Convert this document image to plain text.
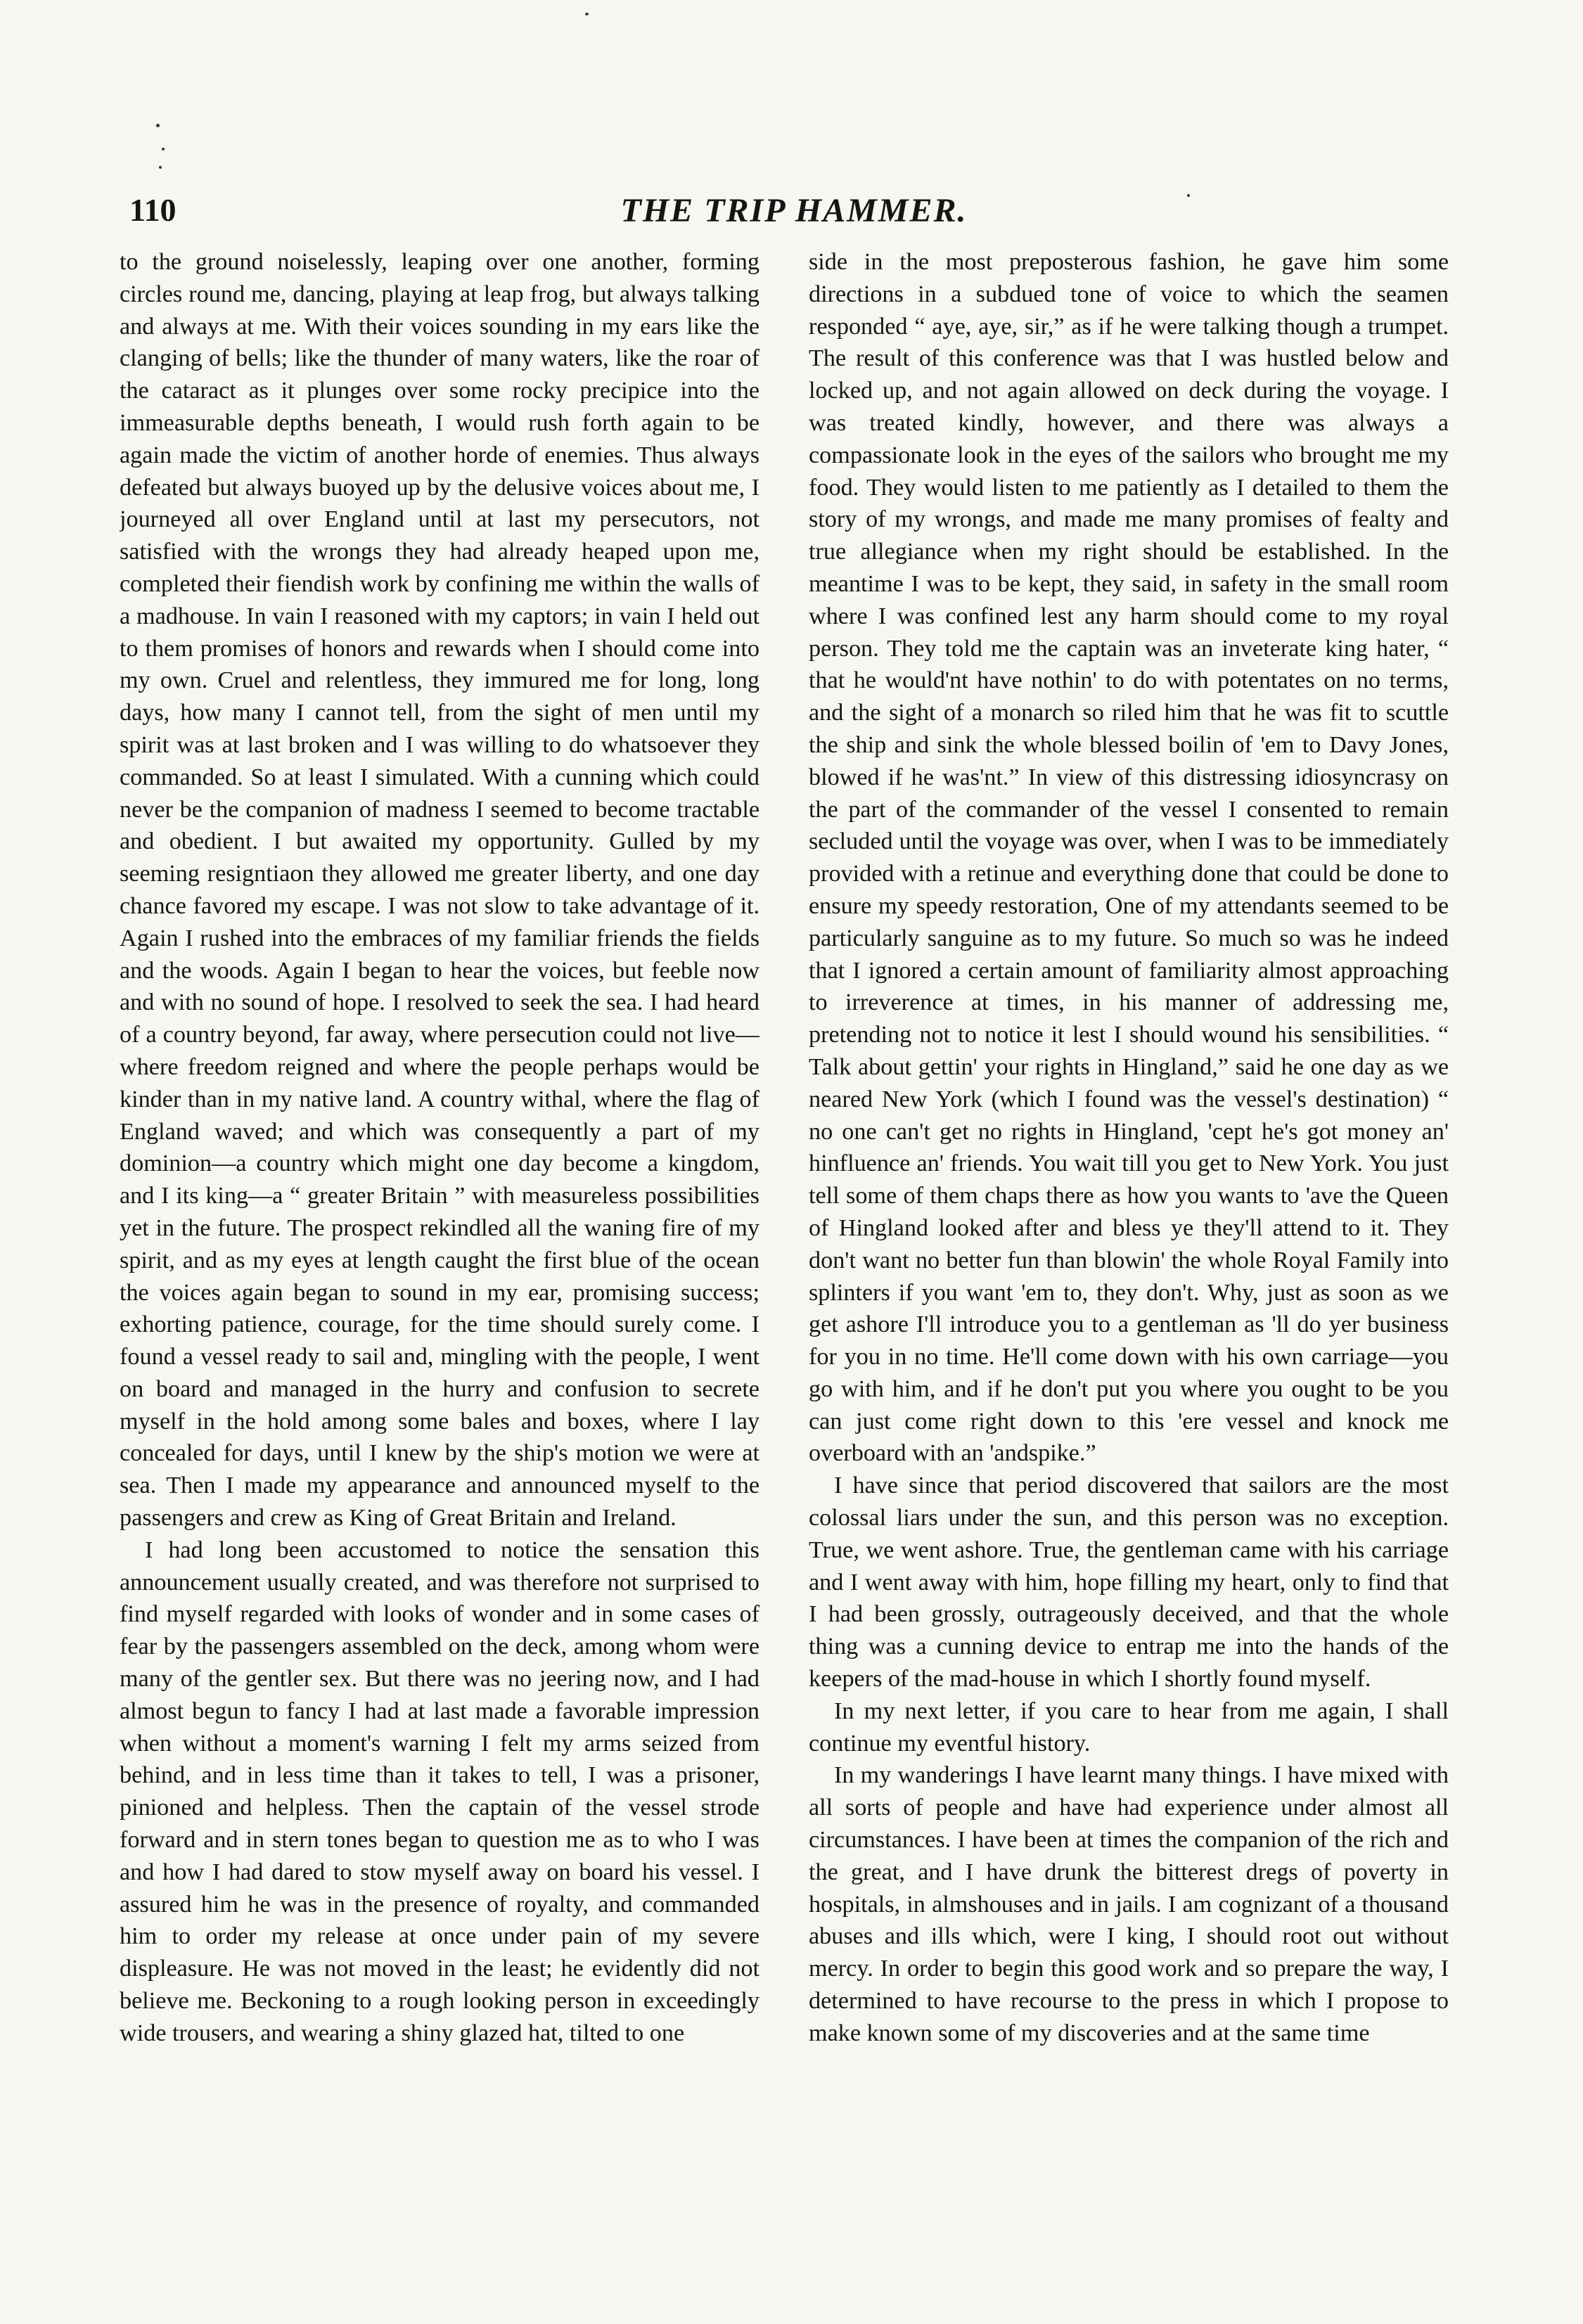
110	THE TRIP HAMMER.

to the ground noiselessly, leaping over one another, forming circles round me, dancing, playing at leap frog, but always talking and always at me. With their voices sounding in my ears like the clanging of bells; like the thunder of many waters, like the roar of the cataract as it plunges over some rocky precipice into the immeasurable depths beneath, I would rush forth again to be again made the victim of another horde of enemies. Thus always defeated but always buoyed up by the delusive voices about me, I journeyed all over England until at last my persecutors, not satisfied with the wrongs they had already heaped upon me, completed their fiendish work by confining me within the walls of a madhouse. In vain I reasoned with my captors; in vain I held out to them promises of honors and rewards when I should come into my own. Cruel and relentless, they immured me for long, long days, how many I cannot tell, from the sight of men until my spirit was at last broken and I was willing to do whatsoever they commanded. So at least I simulated. With a cunning which could never be the companion of madness I seemed to become tractable and obedient. I but awaited my opportunity. Gulled by my seeming resigntiaon they allowed me greater liberty, and one day chance favored my escape. I was not slow to take advantage of it. Again I rushed into the embraces of my familiar friends the fields and the woods. Again I began to hear the voices, but feeble now and with no sound of hope. I resolved to seek the sea. I had heard of a country beyond, far away, where persecution could not live—where freedom reigned and where the people perhaps would be kinder than in my native land. A country withal, where the flag of England waved; and which was consequently a part of my dominion—a country which might one day become a kingdom, and I its king—a “ greater Britain ” with measureless possibilities yet in the future. The prospect rekindled all the waning fire of my spirit, and as my eyes at length caught the first blue of the ocean the voices again began to sound in my ear, promising success; exhorting patience, courage, for the time should surely come. I found a vessel ready to sail and, mingling with the people, I went on board and managed in the hurry and confusion to secrete myself in the hold among some bales and boxes, where I lay concealed for days, until I knew by the ship's motion we were at sea. Then I made my appearance and announced myself to the passengers and crew as King of Great Britain and Ireland.

I had long been accustomed to notice the sensation this announcement usually created, and was therefore not surprised to find myself regarded with looks of wonder and in some cases of fear by the passengers assembled on the deck, among whom were many of the gentler sex. But there was no jeering now, and I had almost begun to fancy I had at last made a favorable impression when without a moment's warning I felt my arms seized from behind, and in less time than it takes to tell, I was a prisoner, pinioned and helpless. Then the captain of the vessel strode forward and in stern tones began to question me as to who I was and how I had dared to stow myself away on board his vessel. I assured him he was in the presence of royalty, and commanded him to order my release at once under pain of my severe displeasure. He was not moved in the least; he evidently did not believe me. Beckoning to a rough looking person in exceedingly wide trousers, and wearing a shiny glazed hat, tilted to one

side in the most preposterous fashion, he gave him some directions in a subdued tone of voice to which the seamen responded “ aye, aye, sir,” as if he were talking though a trumpet. The result of this conference was that I was hustled below and locked up, and not again allowed on deck during the voyage. I was treated kindly, however, and there was always a compassionate look in the eyes of the sailors who brought me my food. They would listen to me patiently as I detailed to them the story of my wrongs, and made me many promises of fealty and true allegiance when my right should be established. In the meantime I was to be kept, they said, in safety in the small room where I was confined lest any harm should come to my royal person. They told me the captain was an inveterate king hater, “ that he would'nt have nothin' to do with potentates on no terms, and the sight of a monarch so riled him that he was fit to scuttle the ship and sink the whole blessed boilin of 'em to Davy Jones, blowed if he was'nt.” In view of this distressing idiosyncrasy on the part of the commander of the vessel I consented to remain secluded until the voyage was over, when I was to be immediately provided with a retinue and everything done that could be done to ensure my speedy restoration, One of my attendants seemed to be particularly sanguine as to my future. So much so was he indeed that I ignored a certain amount of familiarity almost approaching to irreverence at times, in his manner of addressing me, pretending not to notice it lest I should wound his sensibilities. “ Talk about gettin' your rights in Hingland,” said he one day as we neared New York (which I found was the vessel's destination) “ no one can't get no rights in Hingland, 'cept he's got money an' hinfluence an' friends. You wait till you get to New York. You just tell some of them chaps there as how you wants to 'ave the Queen of Hingland looked after and bless ye they'll attend to it. They don't want no better fun than blowin' the whole Royal Family into splinters if you want 'em to, they don't. Why, just as soon as we get ashore I'll introduce you to a gentleman as 'll do yer business for you in no time. He'll come down with his own carriage—you go with him, and if he don't put you where you ought to be you can just come right down to this 'ere vessel and knock me overboard with an 'andspike.”

I have since that period discovered that sailors are the most colossal liars under the sun, and this person was no exception. True, we went ashore. True, the gentleman came with his carriage and I went away with him, hope filling my heart, only to find that I had been grossly, outrageously deceived, and that the whole thing was a cunning device to entrap me into the hands of the keepers of the mad-house in which I shortly found myself.

In my next letter, if you care to hear from me again, I shall continue my eventful history.

In my wanderings I have learnt many things. I have mixed with all sorts of people and have had experience under almost all circumstances. I have been at times the companion of the rich and the great, and I have drunk the bitterest dregs of poverty in hospitals, in almshouses and in jails. I am cognizant of a thousand abuses and ills which, were I king, I should root out without mercy. In order to begin this good work and so prepare the way, I determined to have recourse to the press in which I propose to make known some of my discoveries and at the same time
